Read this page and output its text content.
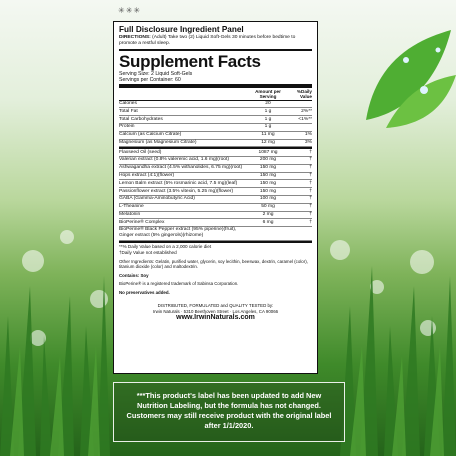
✳✳✳
Full Disclosure Ingredient Panel
DIRECTIONS: (Adult) Take two (2) Liquid Soft-Gels 30 minutes before bedtime to promote a restful sleep.
Supplement Facts
Serving Size: 2 Liquid Soft-Gels
Servings per Container: 60
Amount per Serving
%Daily Value
Calories	20
Total Fat	1 g	2%**
Total Carbohydrates	1 g	<1%**
Protein	1 g
Calcium (as Calcium Citrate)	11 mg	1%
Magnesium (as Magnesium Citrate)	12 mg	3%
Flaxseed Oil (seed)	1087 mg	†
Valerian extract (0.8% valerenic acid, 1.6 mg)(root)	200 mg	†
Ashwagandha extract (4.5% withanolides, 6.75 mg)(root)	150 mg	†
Hops extract (4:1)(flower)	150 mg	†
Lemon Balm extract (5% rosmarinic acid, 7.5 mg)(leaf)	150 mg	†
Passionflower extract (3.5% vitexin, 5.25 mg)(flower)	150 mg	†
GABA (Gamma-Aminobutyric Acid)	100 mg	†
L-Theanine	50 mg	†
Melatonin	2 mg	†
BioPerine® Complex	6 mg	†
BioPerine® Black Pepper extract (95% piperine)(fruit), Ginger extract (5% gingerols)(rhizome)
**% Daily Value based on a 2,000 calorie diet
†Daily Value not established
Other Ingredients: Gelatin, purified water, glycerin, soy lecithin, beeswax, dextrin, caramel (color), titanium dioxide (color) and maltodextrin.
Contains: Soy
BioPerine® is a registered trademark of Sabinsa Corporation.
No preservatives added.
DISTRIBUTED, FORMULATED and QUALITY TESTED by:
Irwin Naturals · 5310 Beethoven Street · Los Angeles, CA 90066
www.IrwinNaturals.com
***This product's label has been updated to add New Nutrition Labeling, but the formula has not changed. Customers may still receive product with the original label after 1/1/2020.
